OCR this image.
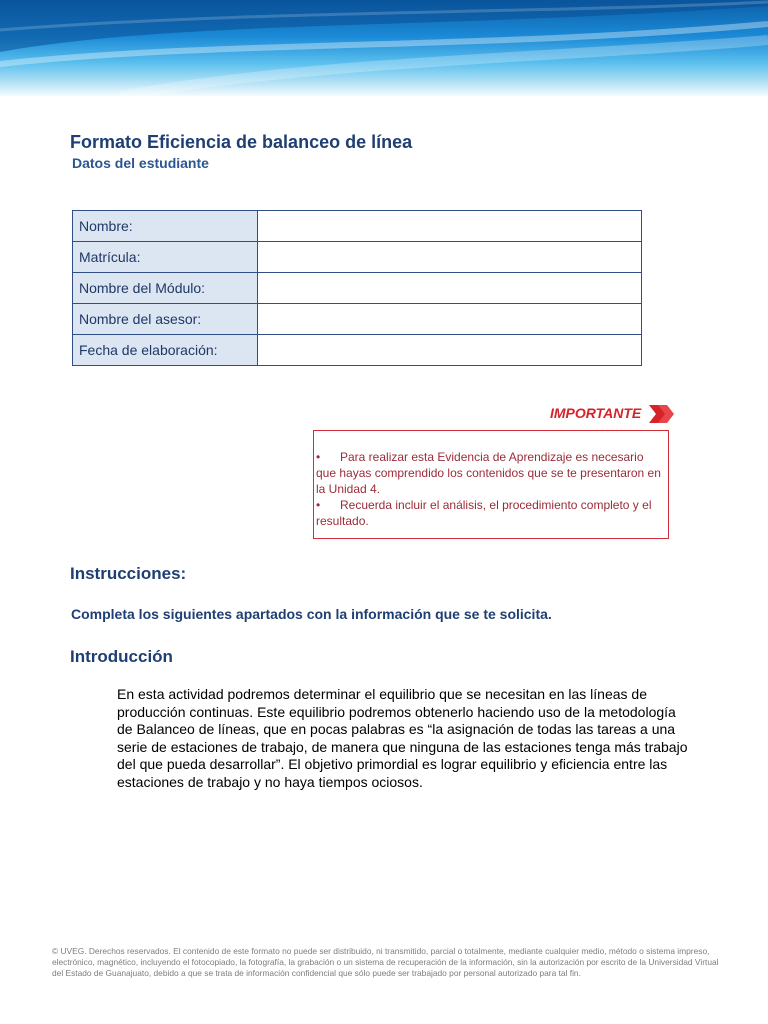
Formato Eficiencia de balanceo de línea
Datos del estudiante
Nombre:	
Matrícula:	
Nombre del Módulo:	
Nombre del asesor:	
Fecha de elaboración:	
IMPORTANTE

• Para realizar esta Evidencia de Aprendizaje es necesario que hayas comprendido los contenidos que se te presentaron en la Unidad 4.

• Recuerda incluir el análisis, el procedimiento completo y el resultado.

Instrucciones:

Completa los siguientes apartados con la información que se te solicita.

Introducción

En esta actividad podremos determinar el equilibrio que se necesitan en las líneas de producción continuas. Este equilibrio podremos obtenerlo haciendo uso de la metodología de Balanceo de líneas, que en pocas palabras es “la asignación de todas las tareas a una serie de estaciones de trabajo, de manera que ninguna de las estaciones tenga más trabajo del que pueda desarrollar”. El objetivo primordial es lograr equilibrio y eficiencia entre las estaciones de trabajo y no haya tiempos ociosos.

© UVEG. Derechos reservados. El contenido de este formato no puede ser distribuido, ni transmitido, parcial o totalmente, mediante cualquier medio, método o sistema impreso, electrónico, magnético, incluyendo el fotocopiado, la fotografía, la grabación o un sistema de recuperación de la información, sin la autorización por escrito de la Universidad Virtual del Estado de Guanajuato, debido a que se trata de información confidencial que sólo puede ser trabajado por personal autorizado para tal fin.
